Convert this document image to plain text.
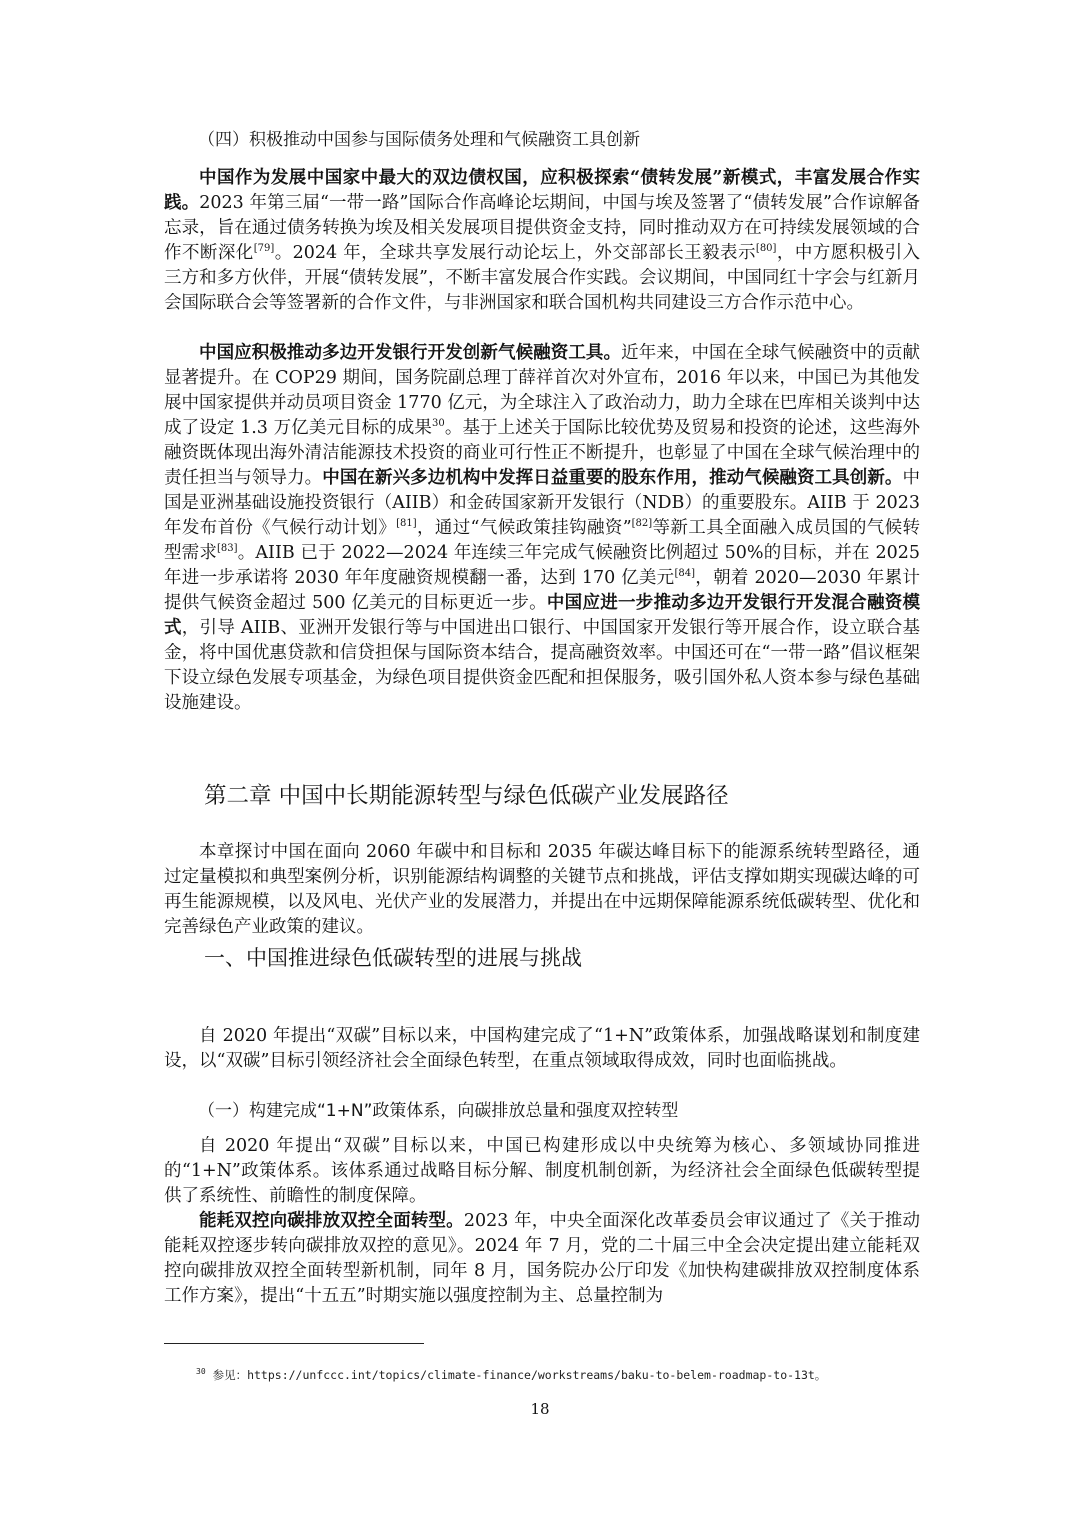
（四）积极推动中国参与国际债务处理和气候融资工具创新

中国作为发展中国家中最大的双边债权国，应积极探索“债转发展”新模式，丰富发展合作实践。2023 年第三届“一带一路”国际合作高峰论坛期间，中国与埃及签署了“债转发展”合作谅解备忘录，旨在通过债务转换为埃及相关发展项目提供资金支持，同时推动双方在可持续发展领域的合作不断深化[79]。2024 年，全球共享发展行动论坛上，外交部部长王毅表示[80]，中方愿积极引入三方和多方伙伴，开展“债转发展”，不断丰富发展合作实践。会议期间，中国同红十字会与红新月会国际联合会等签署新的合作文件，与非洲国家和联合国机构共同建设三方合作示范中心。

中国应积极推动多边开发银行开发创新气候融资工具。近年来，中国在全球气候融资中的贡献显著提升。在 COP29 期间，国务院副总理丁薛祥首次对外宣布，2016 年以来，中国已为其他发展中国家提供并动员项目资金 1770 亿元，为全球注入了政治动力，助力全球在巴库相关谈判中达成了设定 1.3 万亿美元目标的成果$^{30}$。基于上述关于国际比较优势及贸易和投资的论述，这些海外融资既体现出海外清洁能源技术投资的商业可行性正不断提升，也彰显了中国在全球气候治理中的责任担当与领导力。中国在新兴多边机构中发挥日益重要的股东作用，推动气候融资工具创新。中国是亚洲基础设施投资银行（AIIB）和金砖国家新开发银行（NDB）的重要股东。AIIB 于 2023 年发布首份《气候行动计划》[81]，通过“气候政策挂钩融资”[82]等新工具全面融入成员国的气候转型需求[83]。AIIB 已于 2022—2024 年连续三年完成气候融资比例超过 50%的目标，并在 2025 年进一步承诺将 2030 年年度融资规模翻一番，达到 170 亿美元[84]，朝着 2020—2030 年累计提供气候资金超过 500 亿美元的目标更近一步。中国应进一步推动多边开发银行开发混合融资模式，引导 AIIB、亚洲开发银行等与中国进出口银行、中国国家开发银行等开展合作，设立联合基金，将中国优惠贷款和信贷担保与国际资本结合，提高融资效率。中国还可在“一带一路”倡议框架下设立绿色发展专项基金，为绿色项目提供资金匹配和担保服务，吸引国外私人资本参与绿色基础设施建设。

第二章 中国中长期能源转型与绿色低碳产业发展路径

本章探讨中国在面向 2060 年碳中和目标和 2035 年碳达峰目标下的能源系统转型路径，通过定量模拟和典型案例分析，识别能源结构调整的关键节点和挑战，评估支撑如期实现碳达峰的可再生能源规模，以及风电、光伏产业的发展潜力，并提出在中远期保障能源系统低碳转型、优化和完善绿色产业政策的建议。

一、中国推进绿色低碳转型的进展与挑战

自 2020 年提出“双碳”目标以来，中国构建完成了“1+N”政策体系，加强战略谋划和制度建设，以“双碳”目标引领经济社会全面绿色转型，在重点领域取得成效，同时也面临挑战。

（一）构建完成“1+N”政策体系，向碳排放总量和强度双控转型

自 2020 年提出“双碳”目标以来，中国已构建形成以中央统筹为核心、多领域协同推进的“1+N”政策体系。该体系通过战略目标分解、制度机制创新，为经济社会全面绿色低碳转型提供了系统性、前瞻性的制度保障。

能耗双控向碳排放双控全面转型。2023 年，中央全面深化改革委员会审议通过了《关于推动能耗双控逐步转向碳排放双控的意见》。2024 年 7 月，党的二十届三中全会决定提出建立能耗双控向碳排放双控全面转型新机制，同年 8 月，国务院办公厅印发《加快构建碳排放双控制度体系工作方案》，提出“十五五”时期实施以强度控制为主、总量控制为

$^{30}$ 参见：https://unfccc.int/topics/climate-finance/workstreams/baku-to-belem-roadmap-to-13t。
18
